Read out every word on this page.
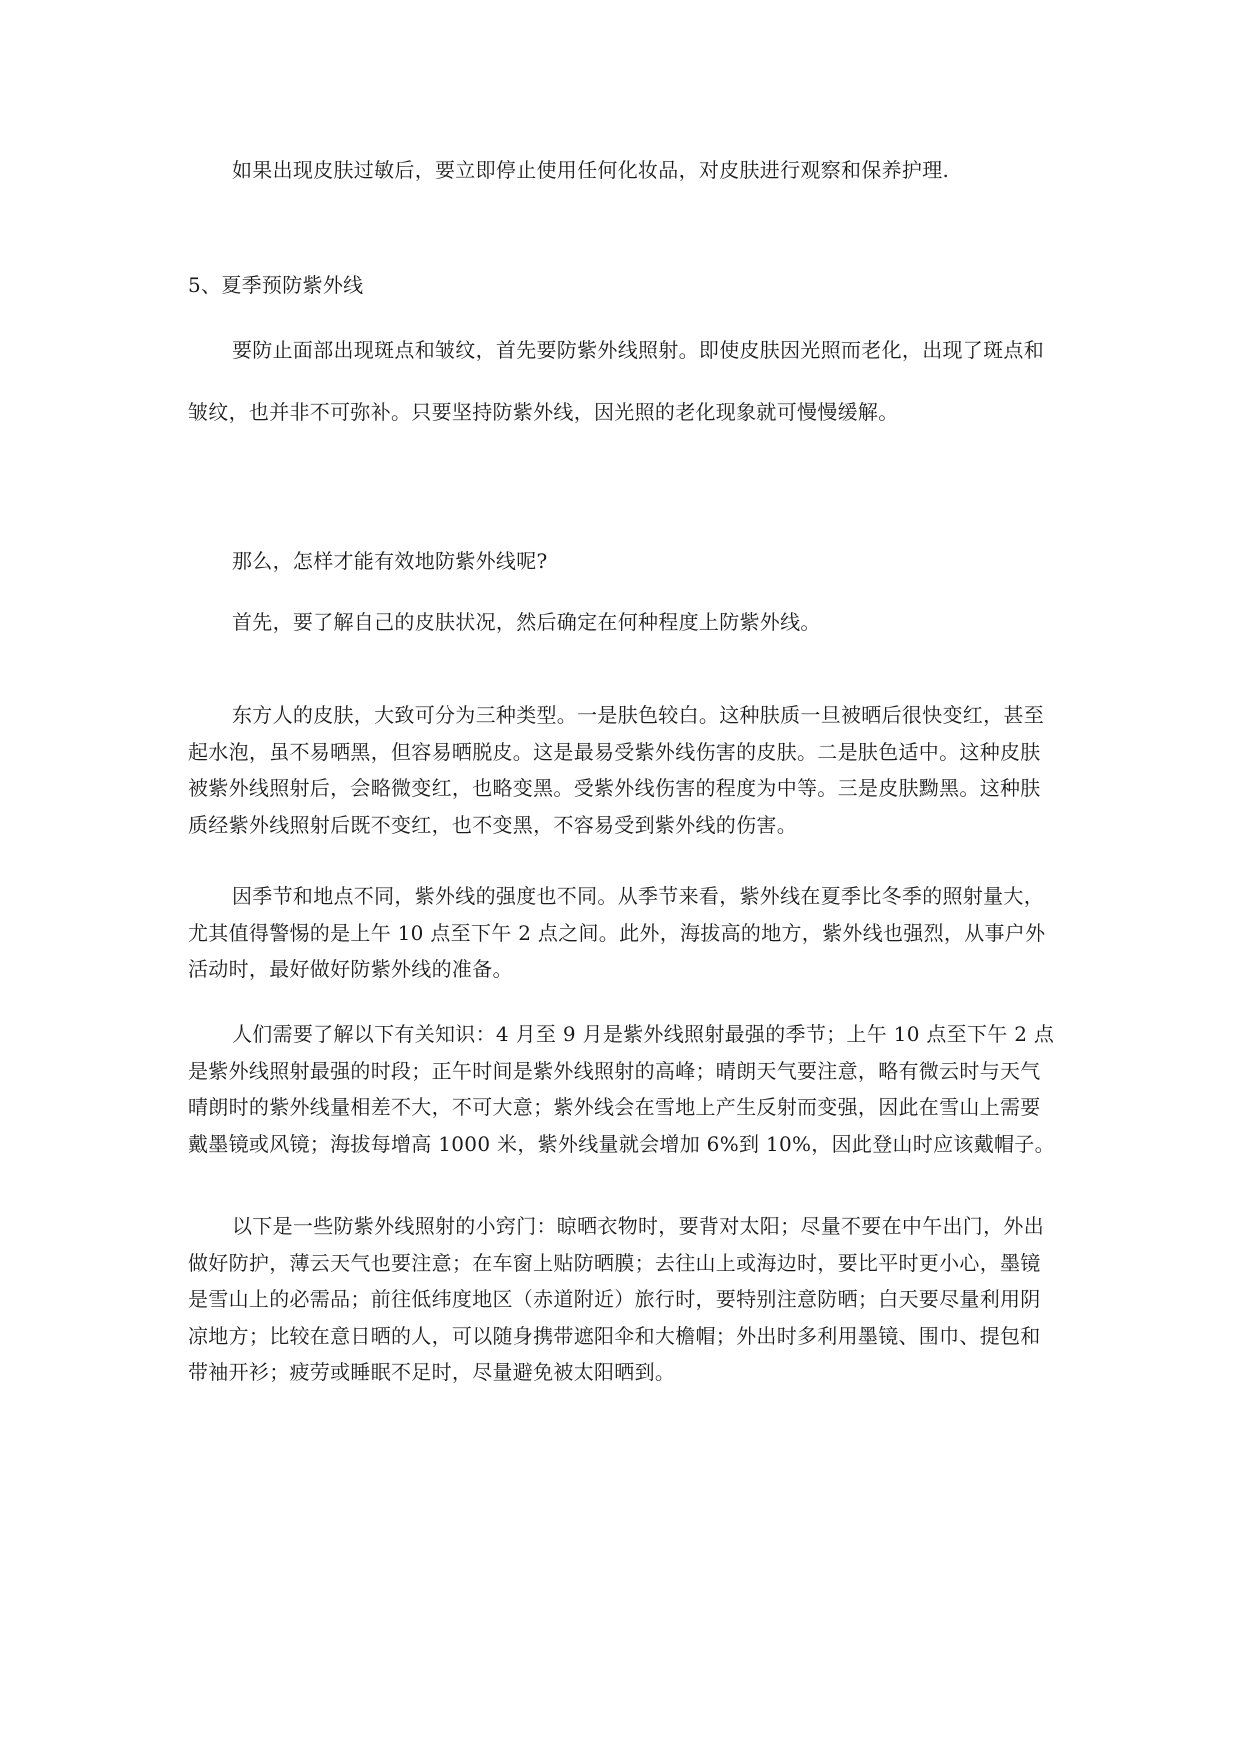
如果出现皮肤过敏后，要立即停止使用任何化妆品，对皮肤进行观察和保养护理.

5、夏季预防紫外线

要防止面部出现斑点和皱纹，首先要防紫外线照射。即使皮肤因光照而老化，出现了斑点和皱纹，也并非不可弥补。只要坚持防紫外线，因光照的老化现象就可慢慢缓解。

那么，怎样才能有效地防紫外线呢?

首先，要了解自己的皮肤状况，然后确定在何种程度上防紫外线。

东方人的皮肤，大致可分为三种类型。一是肤色较白。这种肤质一旦被晒后很快变红，甚至起水泡，虽不易晒黑，但容易晒脱皮。这是最易受紫外线伤害的皮肤。二是肤色适中。这种皮肤被紫外线照射后，会略微变红，也略变黑。受紫外线伤害的程度为中等。三是皮肤黝黑。这种肤质经紫外线照射后既不变红，也不变黑，不容易受到紫外线的伤害。

因季节和地点不同，紫外线的强度也不同。从季节来看，紫外线在夏季比冬季的照射量大，尤其值得警惕的是上午 10 点至下午 2 点之间。此外，海拔高的地方，紫外线也强烈，从事户外活动时，最好做好防紫外线的准备。

人们需要了解以下有关知识：4 月至 9 月是紫外线照射最强的季节；上午 10 点至下午 2 点是紫外线照射最强的时段；正午时间是紫外线照射的高峰；晴朗天气要注意，略有微云时与天气晴朗时的紫外线量相差不大，不可大意；紫外线会在雪地上产生反射而变强，因此在雪山上需要戴墨镜或风镜；海拔每增高 1000 米，紫外线量就会增加 6%到 10%，因此登山时应该戴帽子。

以下是一些防紫外线照射的小窍门：晾晒衣物时，要背对太阳；尽量不要在中午出门，外出做好防护，薄云天气也要注意；在车窗上贴防晒膜；去往山上或海边时，要比平时更小心，墨镜是雪山上的必需品；前往低纬度地区（赤道附近）旅行时，要特别注意防晒；白天要尽量利用阴凉地方；比较在意日晒的人，可以随身携带遮阳伞和大檐帽；外出时多利用墨镜、围巾、提包和带袖开衫；疲劳或睡眠不足时，尽量避免被太阳晒到。
